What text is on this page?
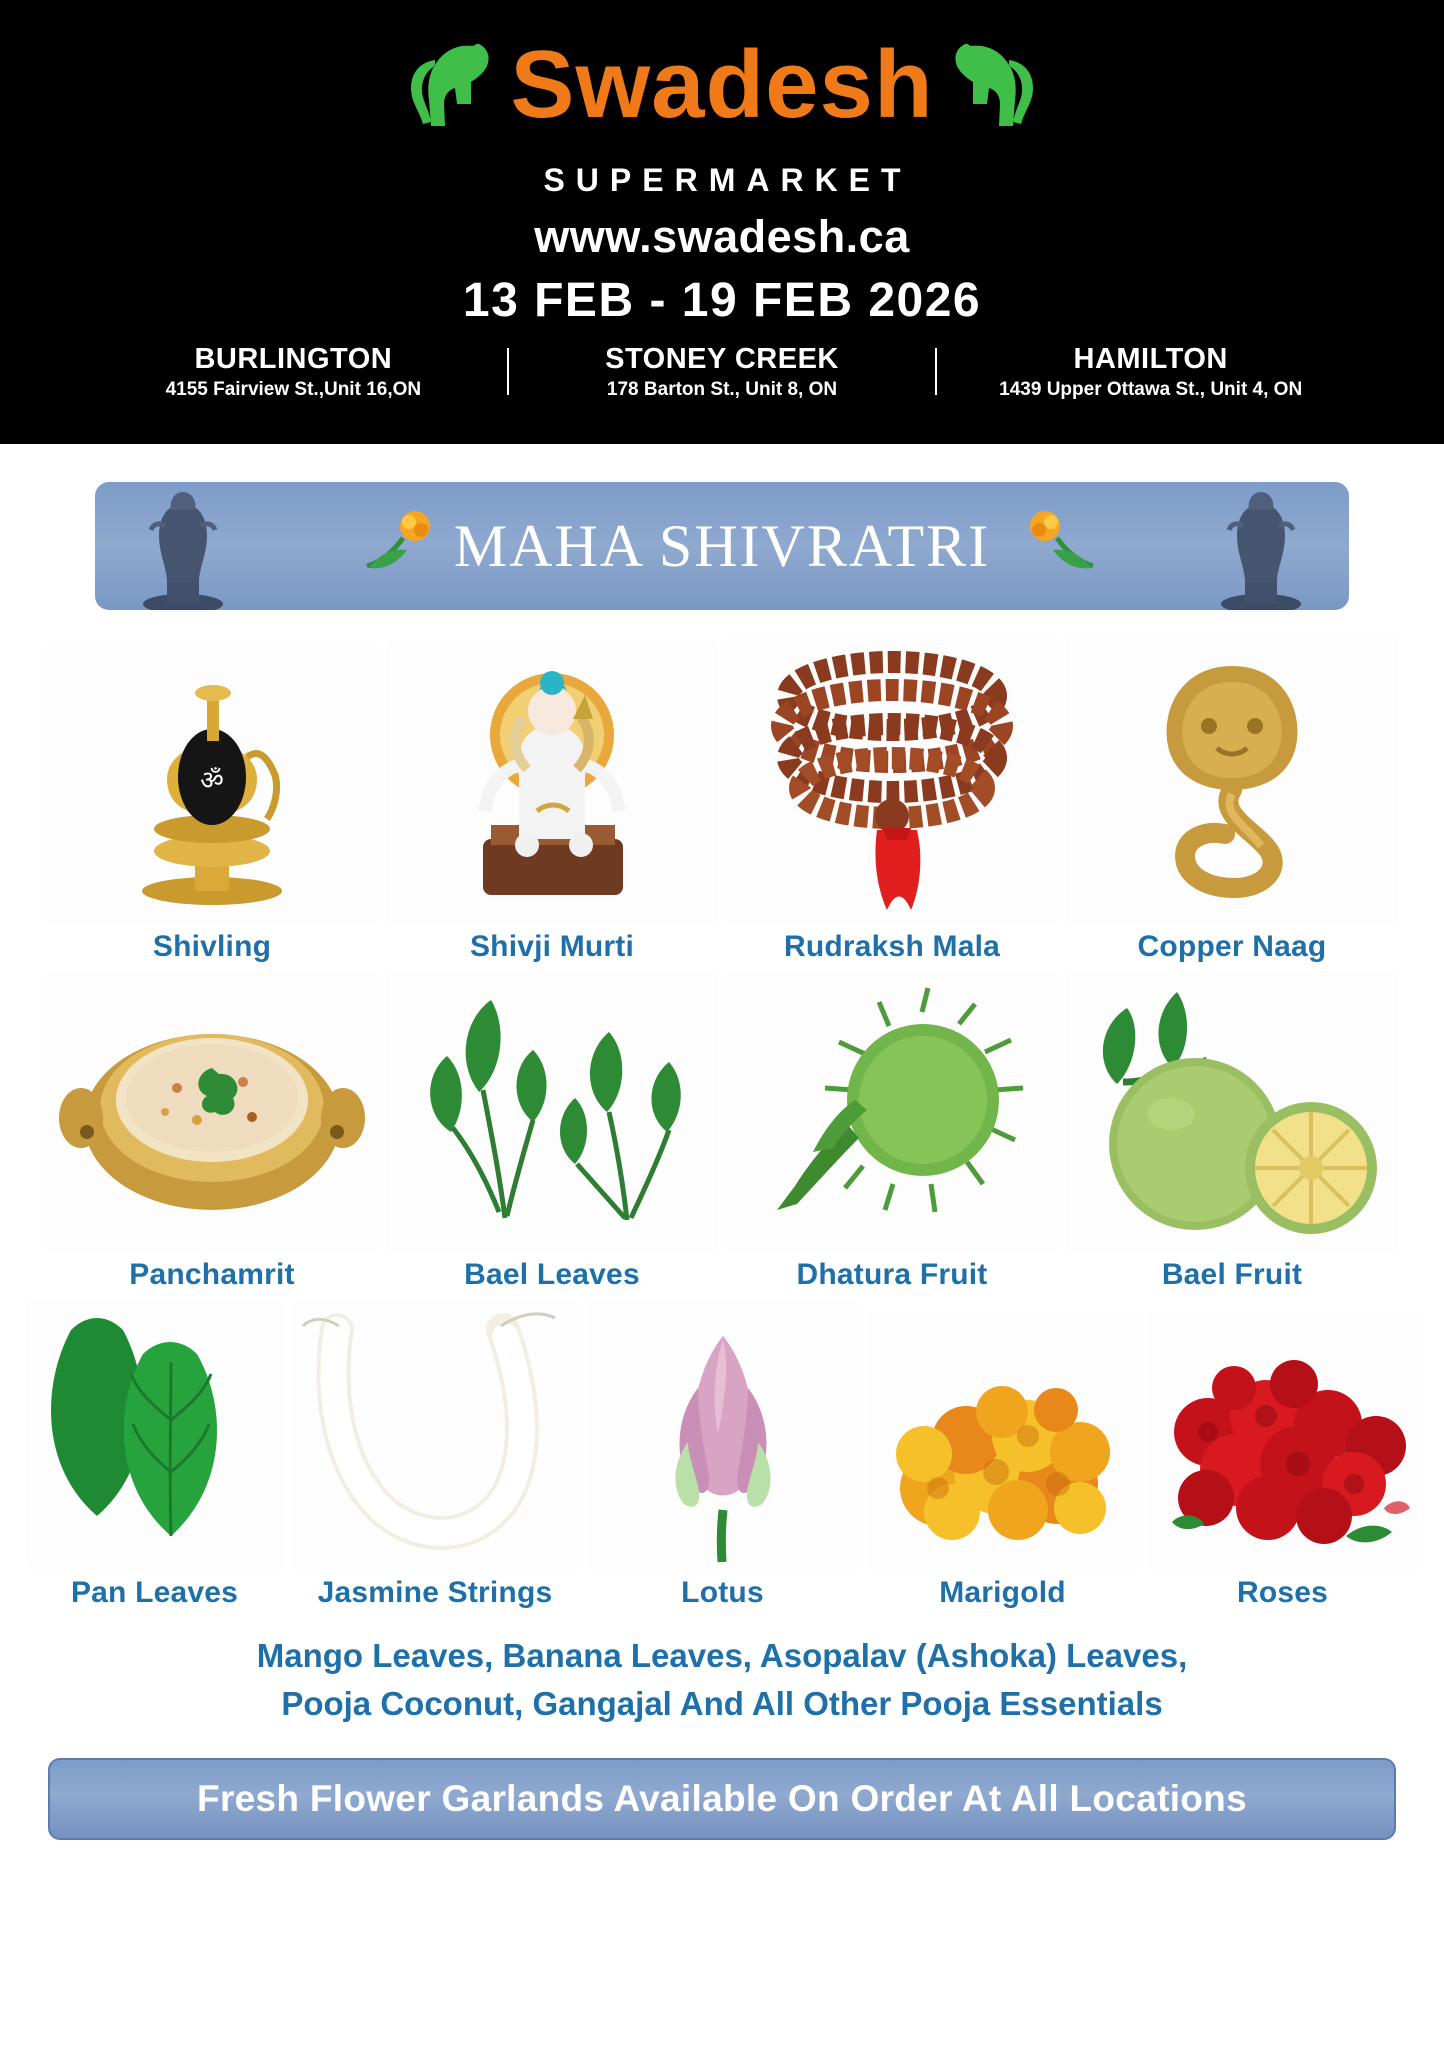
Swadesh
SUPERMARKET
www.swadesh.ca
13 FEB - 19 FEB 2026
BURLINGTON
4155 Fairview St.,Unit 16,ON
STONEY CREEK
178 Barton St., Unit 8, ON
HAMILTON
1439 Upper Ottawa St., Unit 4, ON
MAHA SHIVRATRI
ॐ
Shivling	Shivji Murti	Rudraksh Mala	Copper Naag
Panchamrit	Bael Leaves	Dhatura Fruit	Bael Fruit
Pan Leaves	Jasmine Strings	Lotus	Marigold	Roses
Mango Leaves, Banana Leaves, Asopalav (Ashoka) Leaves,
Pooja Coconut, Gangajal And All Other Pooja Essentials
Fresh Flower Garlands Available On Order At All Locations
